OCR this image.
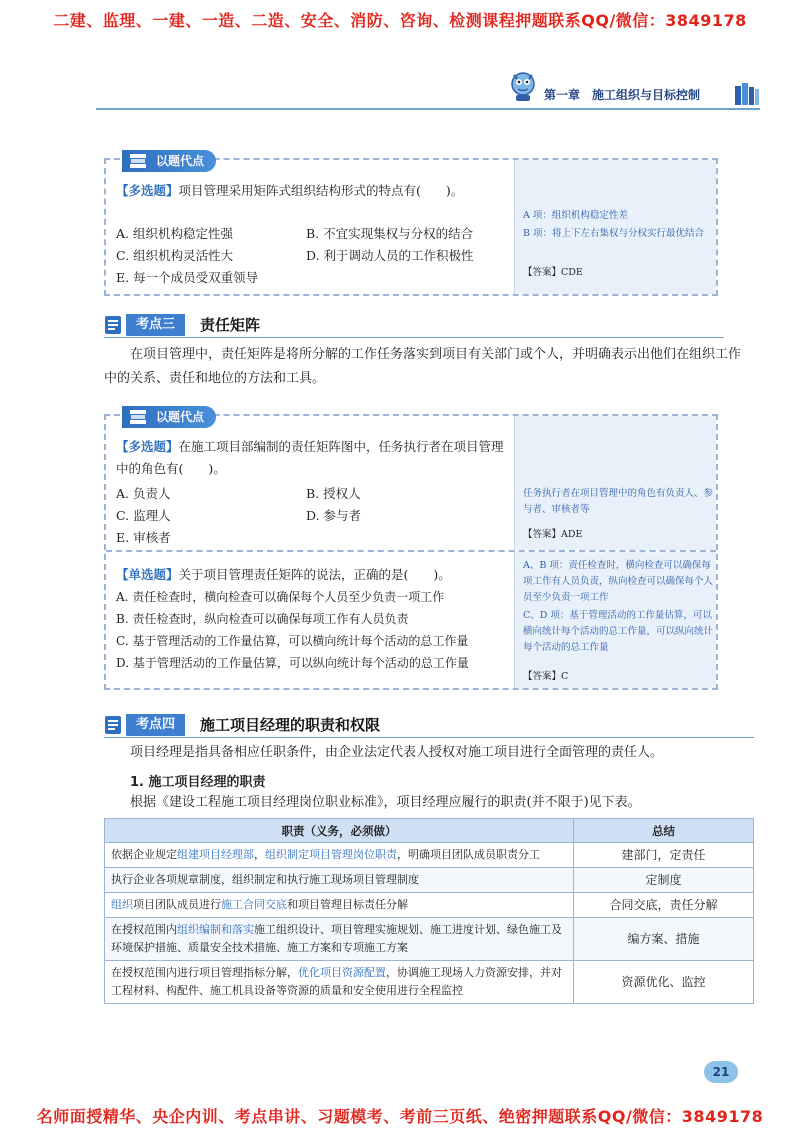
二建、监理、一建、一造、二造、安全、消防、咨询、检测课程押题联系QQ/微信：3849178
第一章　施工组织与目标控制
以题代点
【多选题】项目管理采用矩阵式组织结构形式的特点有(　　)。
A. 组织机构稳定性强	B. 不宜实现集权与分权的结合
C. 组织机构灵活性大	D. 利于调动人员的工作积极性
E. 每一个成员受双重领导
A 项：组织机构稳定性差
B 项：将上下左右集权与分权实行最优结合
【答案】CDE
考点三	责任矩阵
在项目管理中，责任矩阵是将所分解的工作任务落实到项目有关部门或个人，并明确表示出他们在组织工作中的关系、责任和地位的方法和工具。
以题代点
【多选题】在施工项目部编制的责任矩阵图中，任务执行者在项目管理中的角色有(　　)。
A. 负责人	B. 授权人
C. 监理人	D. 参与者
E. 审核者
任务执行者在项目管理中的角色有负责人、参与者、审核者等
【答案】ADE
【单选题】关于项目管理责任矩阵的说法，正确的是(　　)。
A. 责任检查时，横向检查可以确保每个人员至少负责一项工作
B. 责任检查时，纵向检查可以确保每项工作有人员负责
C. 基于管理活动的工作量估算，可以横向统计每个活动的总工作量
D. 基于管理活动的工作量估算，可以纵向统计每个活动的总工作量
A、B 项：责任检查时，横向检查可以确保每项工作有人员负责，纵向检查可以确保每个人员至少负责一项工作
C、D 项：基于管理活动的工作量估算，可以横向统计每个活动的总工作量，可以纵向统计每个活动的总工作量
【答案】C
考点四	施工项目经理的职责和权限
项目经理是指具备相应任职条件，由企业法定代表人授权对施工项目进行全面管理的责任人。
1. 施工项目经理的职责
根据《建设工程施工项目经理岗位职业标准》，项目经理应履行的职责(并不限于)见下表。
职责（义务，必须做）	总结
依据企业规定组建项目经理部，组织制定项目管理岗位职责，明确项目团队成员职责分工	建部门，定责任
执行企业各项规章制度，组织制定和执行施工现场项目管理制度	定制度
组织项目团队成员进行施工合同交底和项目管理目标责任分解	合同交底，责任分解
在授权范围内组织编制和落实施工组织设计、项目管理实施规划、施工进度计划、绿色施工及环境保护措施、质量安全技术措施、施工方案和专项施工方案	编方案、措施
在授权范围内进行项目管理指标分解，优化项目资源配置，协调施工现场人力资源安排，并对工程材料、构配件、施工机具设备等资源的质量和安全使用进行全程监控	资源优化、监控
21
名师面授精华、央企内训、考点串讲、习题模考、考前三页纸、绝密押题联系QQ/微信：3849178
